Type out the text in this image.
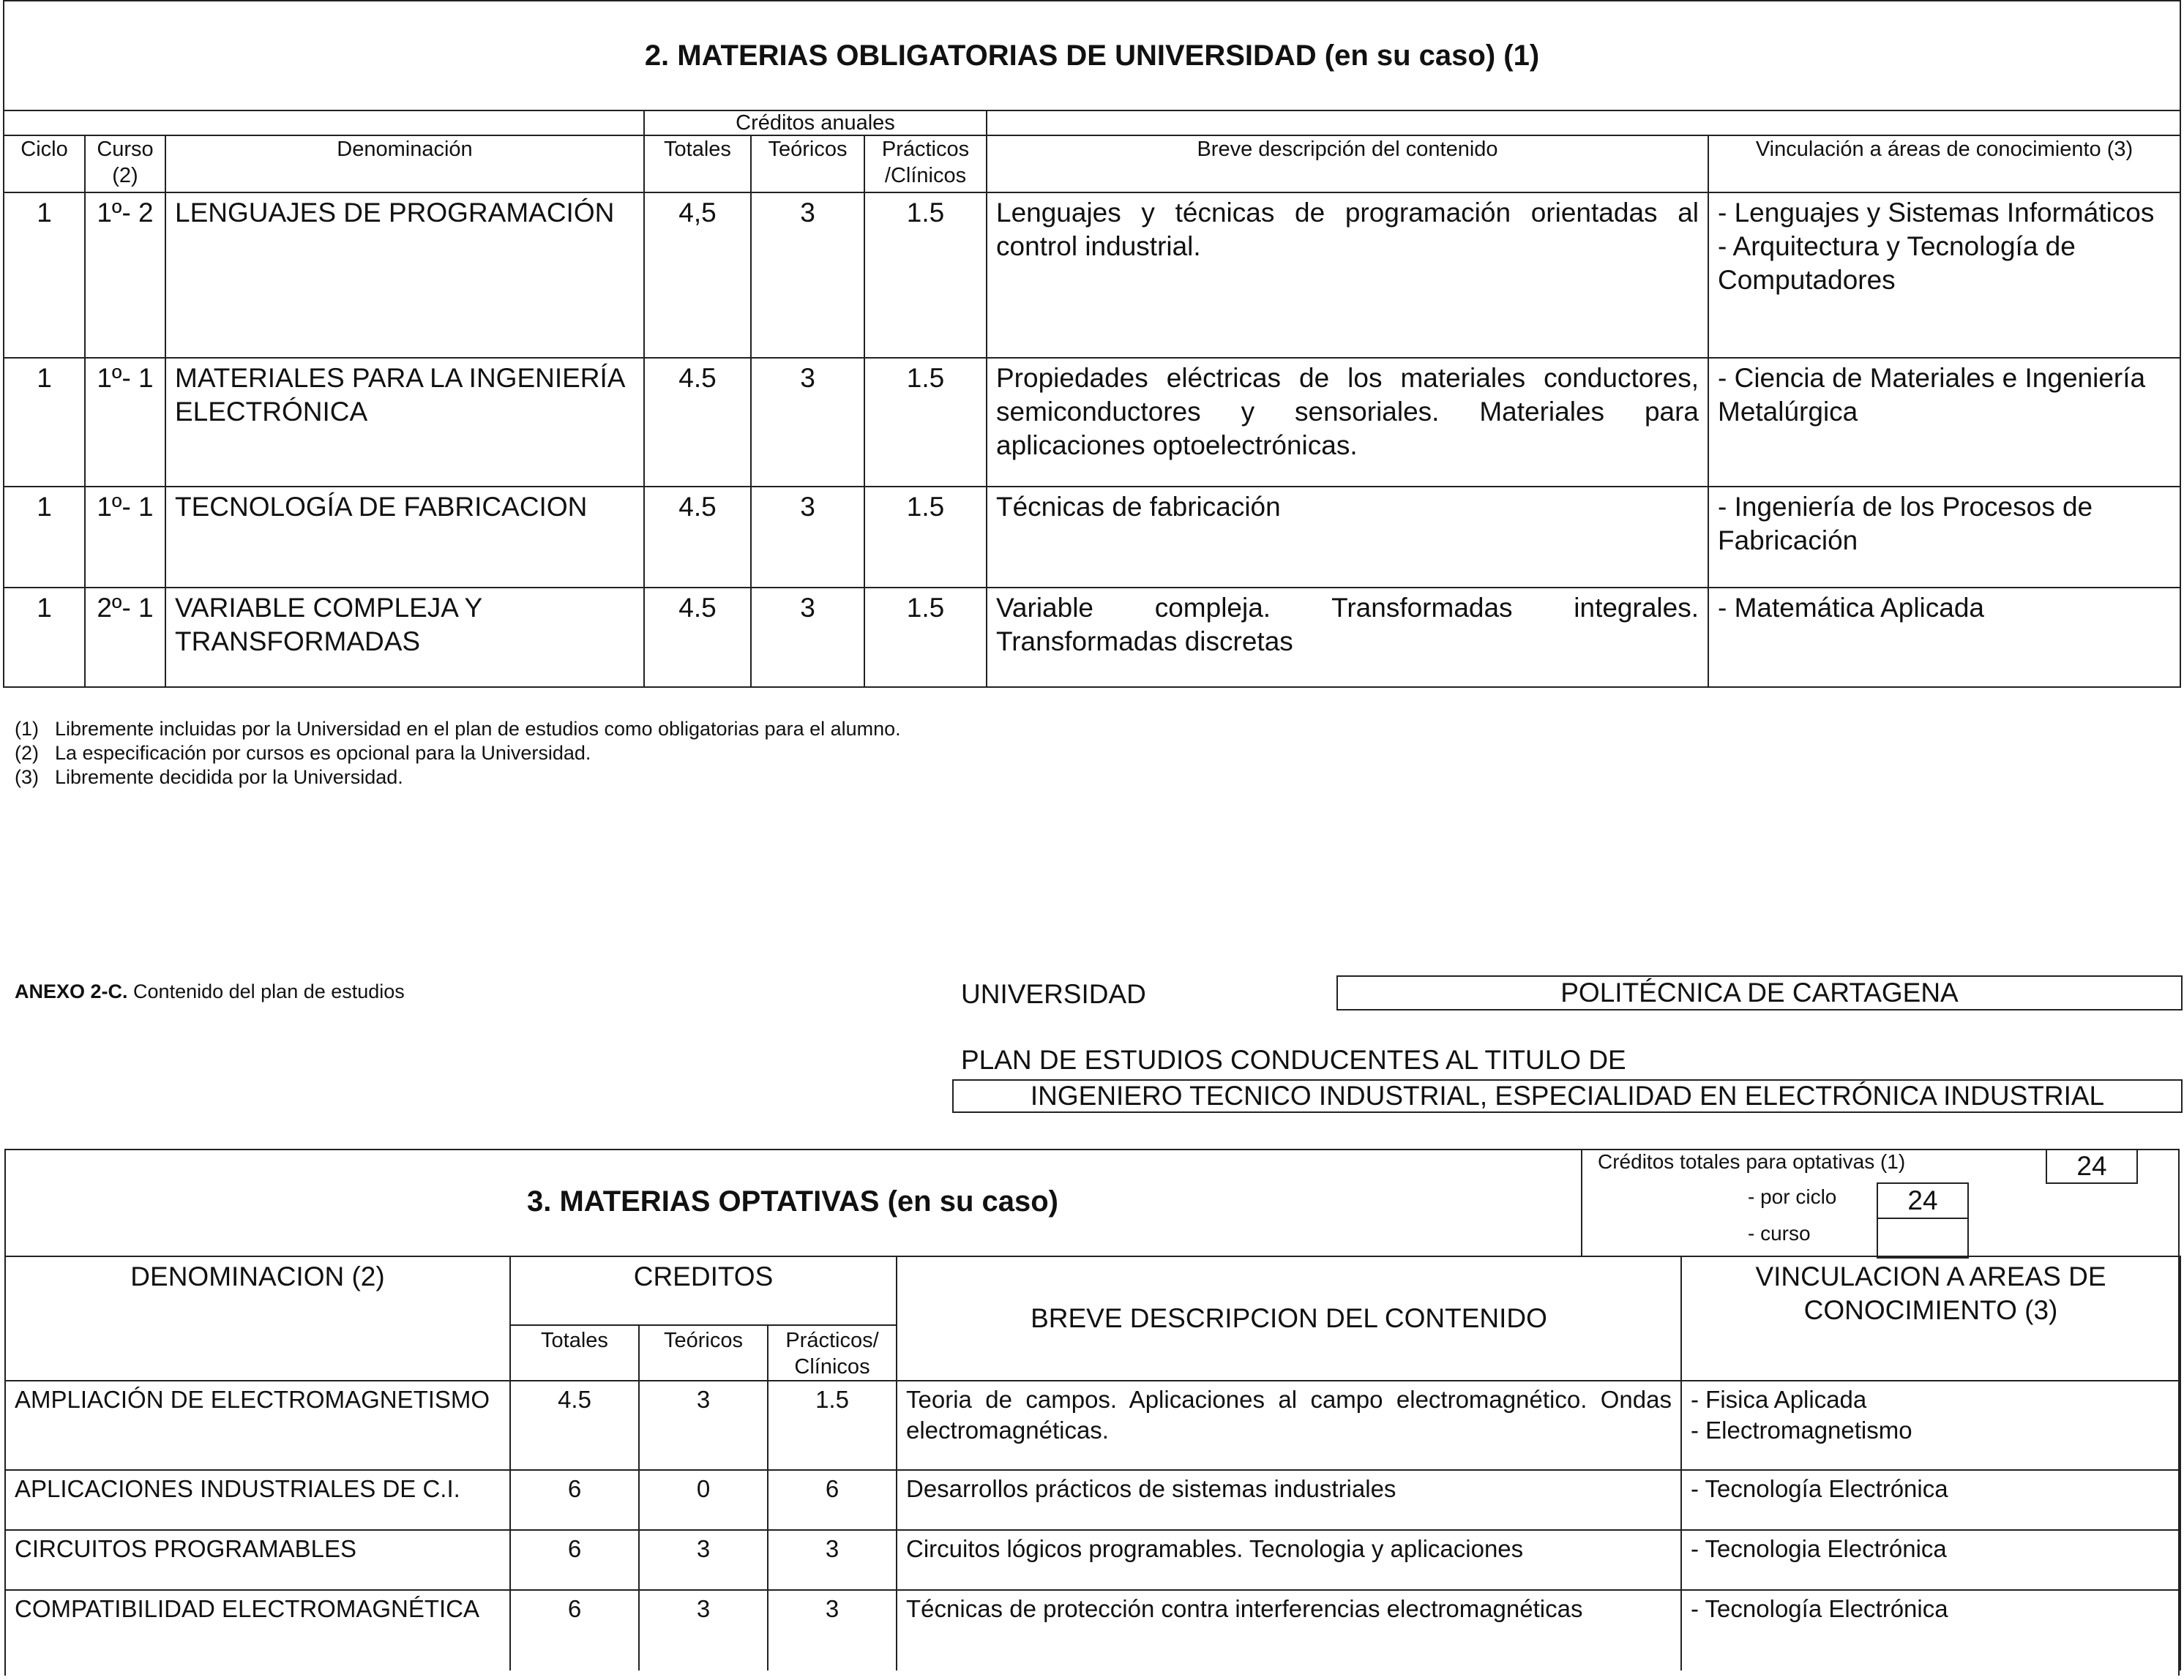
2. MATERIAS OBLIGATORIAS DE UNIVERSIDAD (en su caso) (1)							
			Créditos anuales				
Ciclo	Curso (2)	Denominación	Totales	Teóricos	Prácticos /Clínicos	Breve descripción del contenido	Vinculación a áreas de conocimiento (3)
1	1º- 2	LENGUAJES DE PROGRAMACIÓN	4,5	3	1.5	Lenguajes y técnicas de programación orientadas al control industrial.	- Lenguajes y Sistemas Informáticos
- Arquitectura y Tecnología de Computadores
1	1º- 1	MATERIALES PARA LA INGENIERÍA ELECTRÓNICA	4.5	3	1.5	Propiedades eléctricas de los materiales conductores, semiconductores y sensoriales. Materiales para aplicaciones optoelectrónicas.	- Ciencia de Materiales e Ingeniería Metalúrgica
1	1º- 1	TECNOLOGÍA DE FABRICACION	4.5	3	1.5	Técnicas de fabricación	- Ingeniería de los Procesos de Fabricación
1	2º- 1	VARIABLE COMPLEJA Y TRANSFORMADAS	4.5	3	1.5	Variable compleja. Transformadas integrales. Transformadas discretas	- Matemática Aplicada
(1) Libremente incluidas por la Universidad en el plan de estudios como obligatorias para el alumno.
(2) La especificación por cursos es opcional para la Universidad.
(3) Libremente decidida por la Universidad.
ANEXO 2-C. Contenido del plan de estudios	UNIVERSIDAD	POLITÉCNICA DE CARTAGENA
PLAN DE ESTUDIOS CONDUCENTES AL TITULO DE
INGENIERO TECNICO INDUSTRIAL, ESPECIALIDAD EN ELECTRÓNICA INDUSTRIAL
3. MATERIAS OPTATIVAS (en su caso)
Créditos totales para optativas (1)	24
- por ciclo	24
- curso
DENOMINACION (2)	CREDITOS			BREVE DESCRIPCION DEL CONTENIDO	VINCULACION A AREAS DE CONOCIMIENTO (3)
	Totales	Teóricos	Prácticos/ Clínicos		
AMPLIACIÓN DE ELECTROMAGNETISMO	4.5	3	1.5	Teoria de campos. Aplicaciones al campo electromagnético. Ondas electromagnéticas.	- Fisica Aplicada
- Electromagnetismo
APLICACIONES INDUSTRIALES DE C.I.	6	0	6	Desarrollos prácticos de sistemas industriales	- Tecnología Electrónica
CIRCUITOS PROGRAMABLES	6	3	3	Circuitos lógicos programables. Tecnologia y aplicaciones	- Tecnologia Electrónica
COMPATIBILIDAD ELECTROMAGNÉTICA	6	3	3	Técnicas de protección contra interferencias electromagnéticas	- Tecnología Electrónica
